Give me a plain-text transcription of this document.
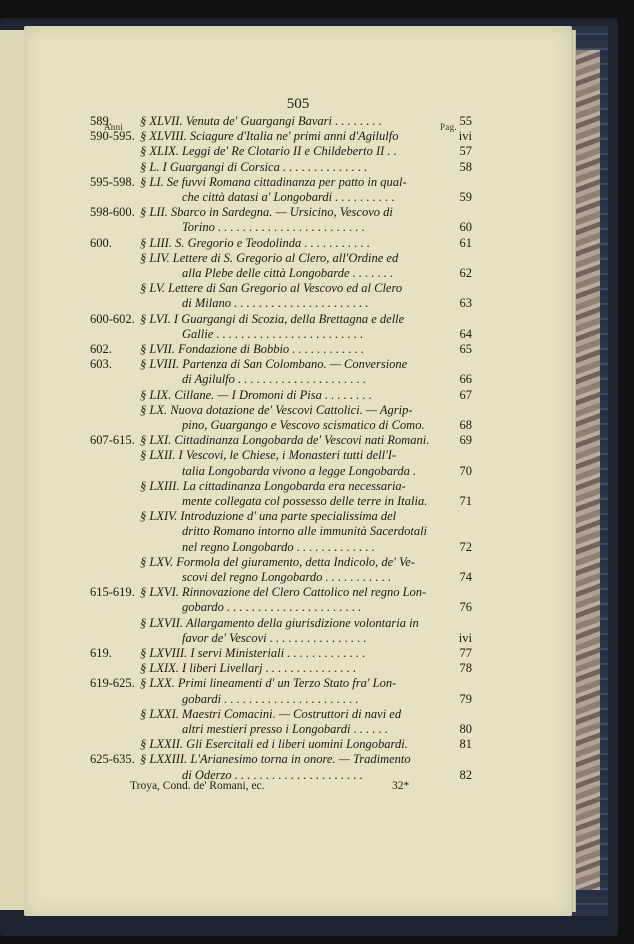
505
Anni	Pag.
589. § XLVII. Venuta de' Guargangi Bavari . . . . . . . .	55
590-595. § XLVIII. Sciagure d'Italia ne' primi anni d'Agilulfo	ivi
§ XLIX. Leggi de' Re Clotario II e Childeberto II . .	57
§ L. I Guargangi di Corsica . . . . . . . . . . . . . .	58
595-598. § LI. Se fuvvi Romana cittadinanza per patto in qual-
che città datasi a' Longobardi . . . . . . . . . .	59
598-600. § LII. Sbarco in Sardegna. — Ursicino, Vescovo di
Torino . . . . . . . . . . . . . . . . . . . . . . . .	60
600. § LIII. S. Gregorio e Teodolinda . . . . . . . . . . .	61
§ LIV. Lettere di S. Gregorio al Clero, all'Ordine ed
alla Plebe delle città Longobarde . . . . . . .	62
§ LV. Lettere di San Gregorio al Vescovo ed al Clero
di Milano . . . . . . . . . . . . . . . . . . . . . .	63
600-602. § LVI. I Guargangi di Scozia, della Brettagna e delle
Gallie . . . . . . . . . . . . . . . . . . . . . . . .	64
602. § LVII. Fondazione di Bobbio . . . . . . . . . . . .	65
603. § LVIII. Partenza di San Colombano. — Conversione
di Agilulfo . . . . . . . . . . . . . . . . . . . . .	66
§ LIX. Cillane. — I Dromoni di Pisa . . . . . . . .	67
§ LX. Nuova dotazione de' Vescovi Cattolici. — Agrip-
pino, Guargango e Vescovo scismatico di Como.	68
607-615. § LXI. Cittadinanza Longobarda de' Vescovi nati Romani.	69
§ LXII. I Vescovi, le Chiese, i Monasteri tutti dell'I-
talia Longobarda vivono a legge Longobarda .	70
§ LXIII. La cittadinanza Longobarda era necessaria-
mente collegata col possesso delle terre in Italia.	71
§ LXIV. Introduzione d' una parte specialissima del
dritto Romano intorno alle immunità Sacerdotali
nel regno Longobardo . . . . . . . . . . . . .	72
§ LXV. Formola del giuramento, detta Indicolo, de' Ve-
scovi del regno Longobardo . . . . . . . . . . .	74
615-619. § LXVI. Rinnovazione del Clero Cattolico nel regno Lon-
gobardo . . . . . . . . . . . . . . . . . . . . . .	76
§ LXVII. Allargamento della giurisdizione volontaria in
favor de' Vescovi . . . . . . . . . . . . . . . .	ivi
619. § LXVIII. I servi Ministeriali . . . . . . . . . . . . .	77
§ LXIX. I liberi Livellarj . . . . . . . . . . . . . . .	78
619-625. § LXX. Primi lineamenti d' un Terzo Stato fra' Lon-
gobardi . . . . . . . . . . . . . . . . . . . . . .	79
§ LXXI. Maestri Comacini. — Costruttori di navi ed
altri mestieri presso i Longobardi . . . . . .	80
§ LXXII. Gli Esercitali ed i liberi uomini Longobardi.	81
625-635. § LXXIII. L'Arianesimo torna in onore. — Tradimento
di Oderzo . . . . . . . . . . . . . . . . . . . . .	82
Troya, Cond. de' Romani, ec.	32*
